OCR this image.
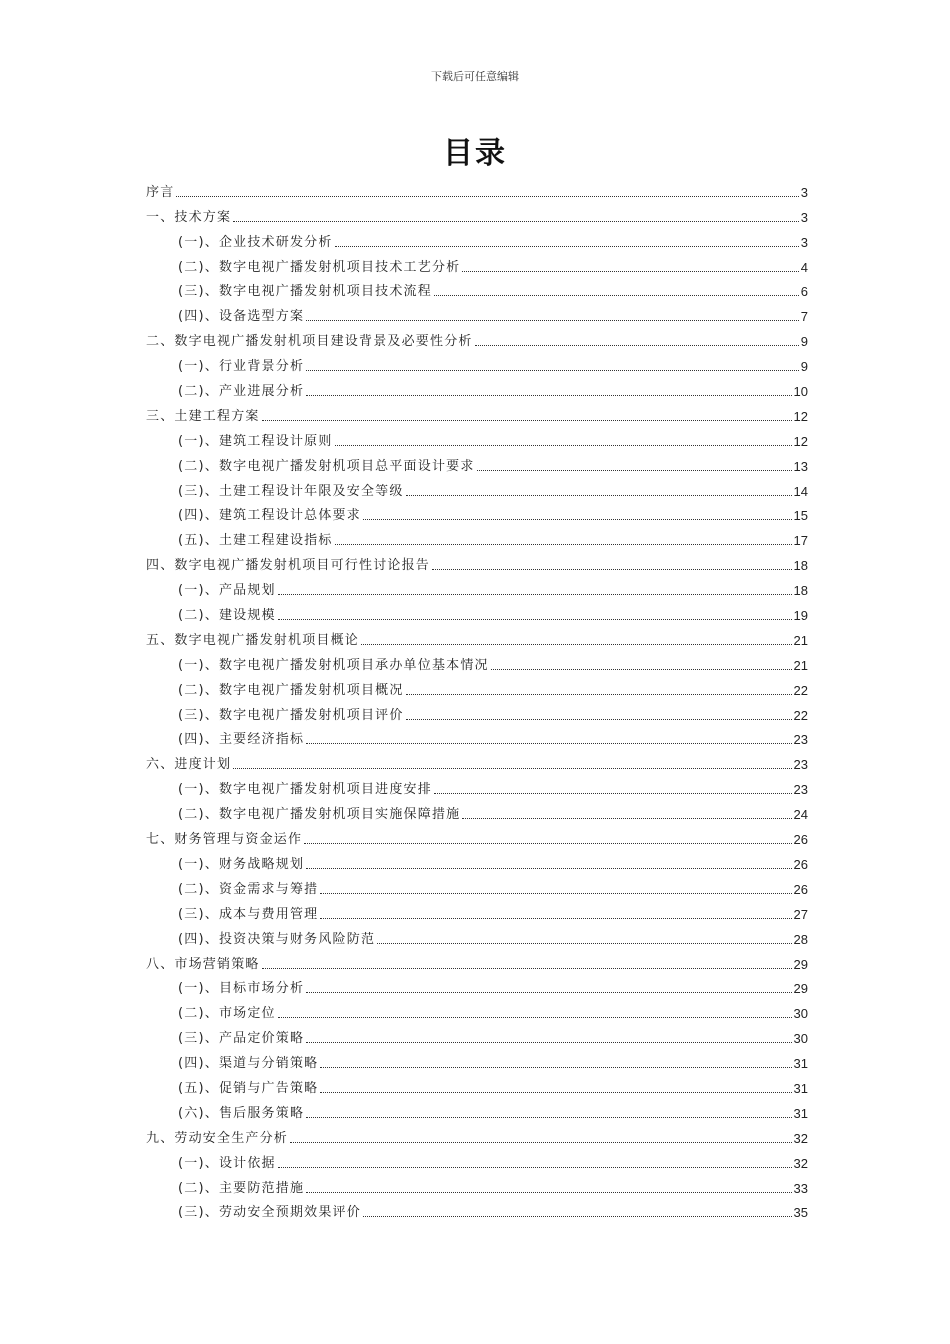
下载后可任意编辑
目录
序言	3
一、技术方案	3
(一)、企业技术研发分析	3
(二)、数字电视广播发射机项目技术工艺分析	4
(三)、数字电视广播发射机项目技术流程	6
(四)、设备选型方案	7
二、数字电视广播发射机项目建设背景及必要性分析	9
(一)、行业背景分析	9
(二)、产业进展分析	10
三、土建工程方案	12
(一)、建筑工程设计原则	12
(二)、数字电视广播发射机项目总平面设计要求	13
(三)、土建工程设计年限及安全等级	14
(四)、建筑工程设计总体要求	15
(五)、土建工程建设指标	17
四、数字电视广播发射机项目可行性讨论报告	18
(一)、产品规划	18
(二)、建设规模	19
五、数字电视广播发射机项目概论	21
(一)、数字电视广播发射机项目承办单位基本情况	21
(二)、数字电视广播发射机项目概况	22
(三)、数字电视广播发射机项目评价	22
(四)、主要经济指标	23
六、进度计划	23
(一)、数字电视广播发射机项目进度安排	23
(二)、数字电视广播发射机项目实施保障措施	24
七、财务管理与资金运作	26
(一)、财务战略规划	26
(二)、资金需求与筹措	26
(三)、成本与费用管理	27
(四)、投资决策与财务风险防范	28
八、市场营销策略	29
(一)、目标市场分析	29
(二)、市场定位	30
(三)、产品定价策略	30
(四)、渠道与分销策略	31
(五)、促销与广告策略	31
(六)、售后服务策略	31
九、劳动安全生产分析	32
(一)、设计依据	32
(二)、主要防范措施	33
(三)、劳动安全预期效果评价	35
